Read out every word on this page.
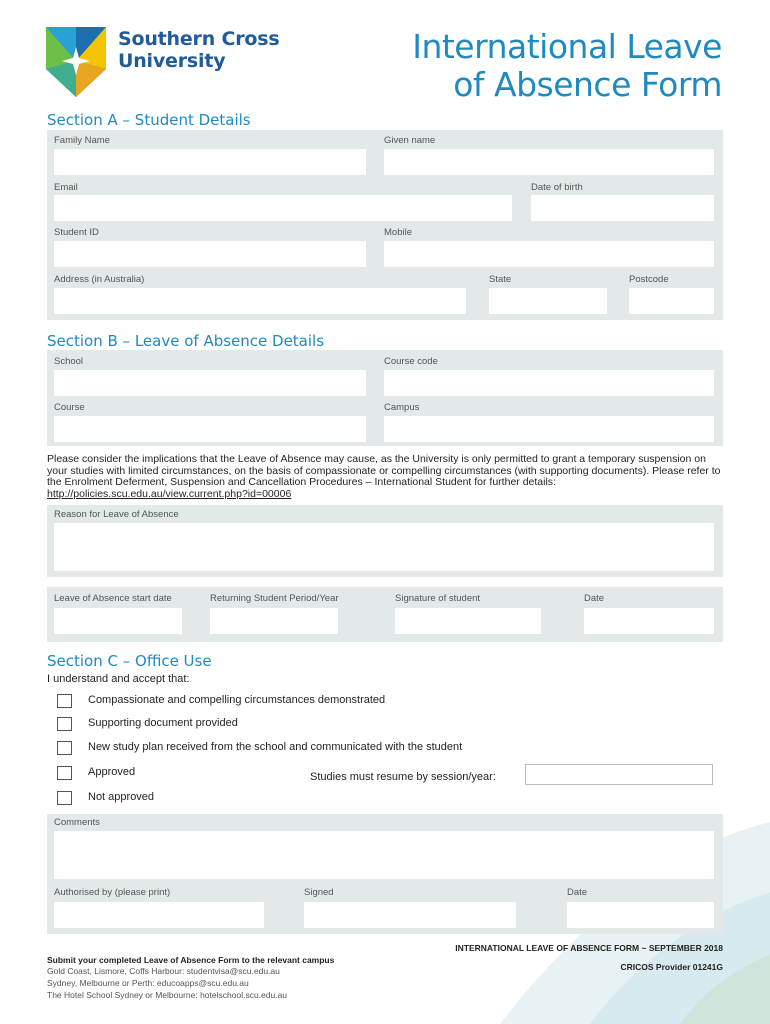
Southern Cross
University	International Leave
of Absence Form
Section A – Student Details
Family Name	Given name
Email	Date of birth
Student ID	Mobile
Address (in Australia)	State	Postcode
Section B – Leave of Absence Details
School	Course code
Course	Campus
Please consider the implications that the Leave of Absence may cause, as the University is only permitted to grant a temporary suspension on your studies with limited circumstances, on the basis of compassionate or compelling circumstances (with supporting documents). Please refer to the Enrolment Deferment, Suspension and Cancellation Procedures – International Student for further details: http://policies.scu.edu.au/view.current.php?id=00006
Reason for Leave of Absence
Leave of Absence start date	Returning Student Period/Year	Signature of student	Date
Section C – Office Use
I understand and accept that:
Compassionate and compelling circumstances demonstrated
Supporting document provided
New study plan received from the school and communicated with the student
Approved	Studies must resume by session/year:
Not approved
Comments
Authorised by (please print)	Signed	Date
Submit your completed Leave of Absence Form to the relevant campus
Gold Coast, Lismore, Coffs Harbour: studentvisa@scu.edu.au
Sydney, Melbourne or Perth: educoapps@scu.edu.au
The Hotel School Sydney or Melbourne: hotelschool.scu.edu.au
INTERNATIONAL LEAVE OF ABSENCE FORM ~ SEPTEMBER 2018
CRICOS Provider 01241G
